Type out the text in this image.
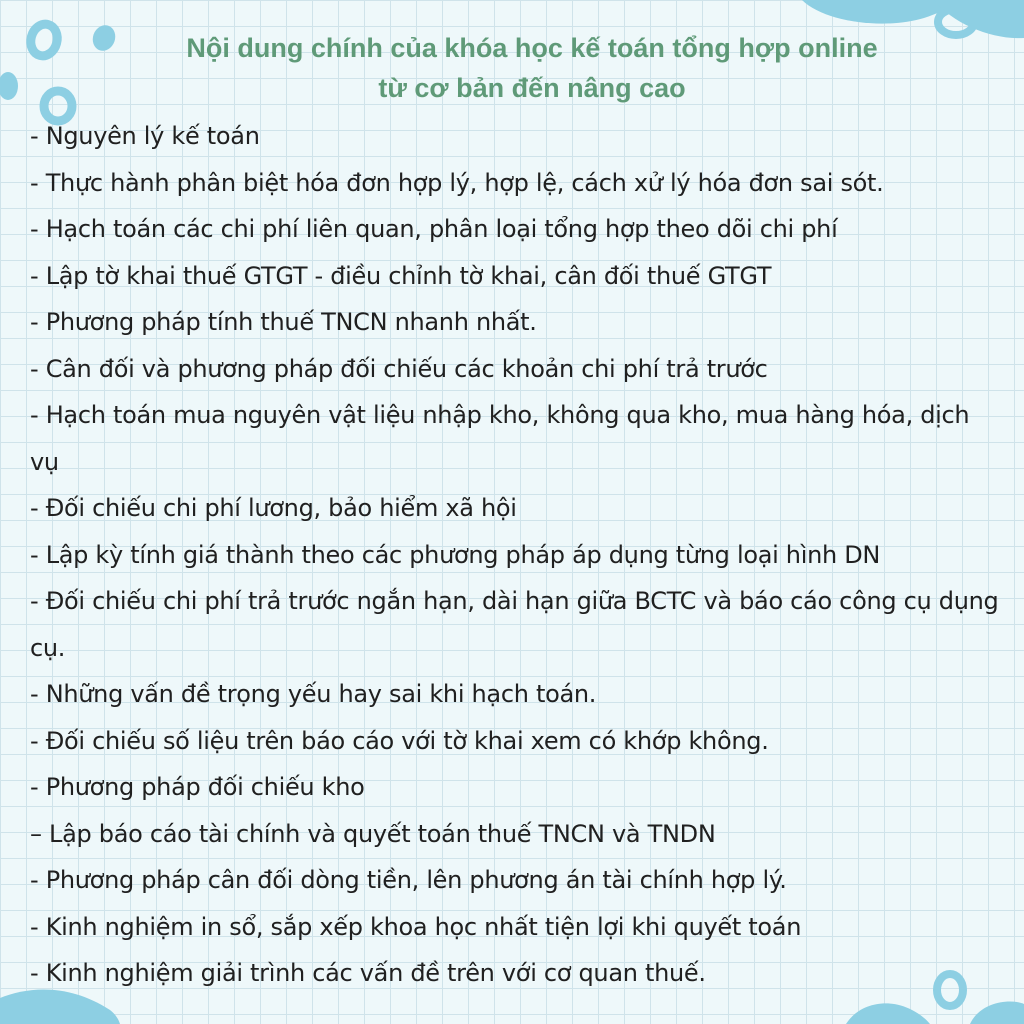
Nội dung chính của khóa học kế toán tổng hợp online
từ cơ bản đến nâng cao
- Nguyên lý kế toán
- Thực hành phân biệt hóa đơn hợp lý, hợp lệ, cách xử lý hóa đơn sai sót.
- Hạch toán các chi phí liên quan, phân loại tổng hợp theo dõi chi phí
- Lập tờ khai thuế GTGT - điều chỉnh tờ khai, cân đối thuế GTGT
- Phương pháp tính thuế TNCN nhanh nhất.
- Cân đối và phương pháp đối chiếu các khoản chi phí trả trước
- Hạch toán mua nguyên vật liệu nhập kho, không qua kho, mua hàng hóa, dịch vụ
- Đối chiếu chi phí lương, bảo hiểm xã hội
- Lập kỳ tính giá thành theo các phương pháp áp dụng từng loại hình DN
- Đối chiếu chi phí trả trước ngắn hạn, dài hạn giữa BCTC và báo cáo công cụ dụng cụ.
- Những vấn đề trọng yếu hay sai khi hạch toán.
- Đối chiếu số liệu trên báo cáo với tờ khai xem có khớp không.
- Phương pháp đối chiếu kho
– Lập báo cáo tài chính và quyết toán thuế TNCN và TNDN
- Phương pháp cân đối dòng tiền, lên phương án tài chính hợp lý.
- Kinh nghiệm in sổ, sắp xếp khoa học nhất tiện lợi khi quyết toán
- Kinh nghiệm giải trình các vấn đề trên với cơ quan thuế.
